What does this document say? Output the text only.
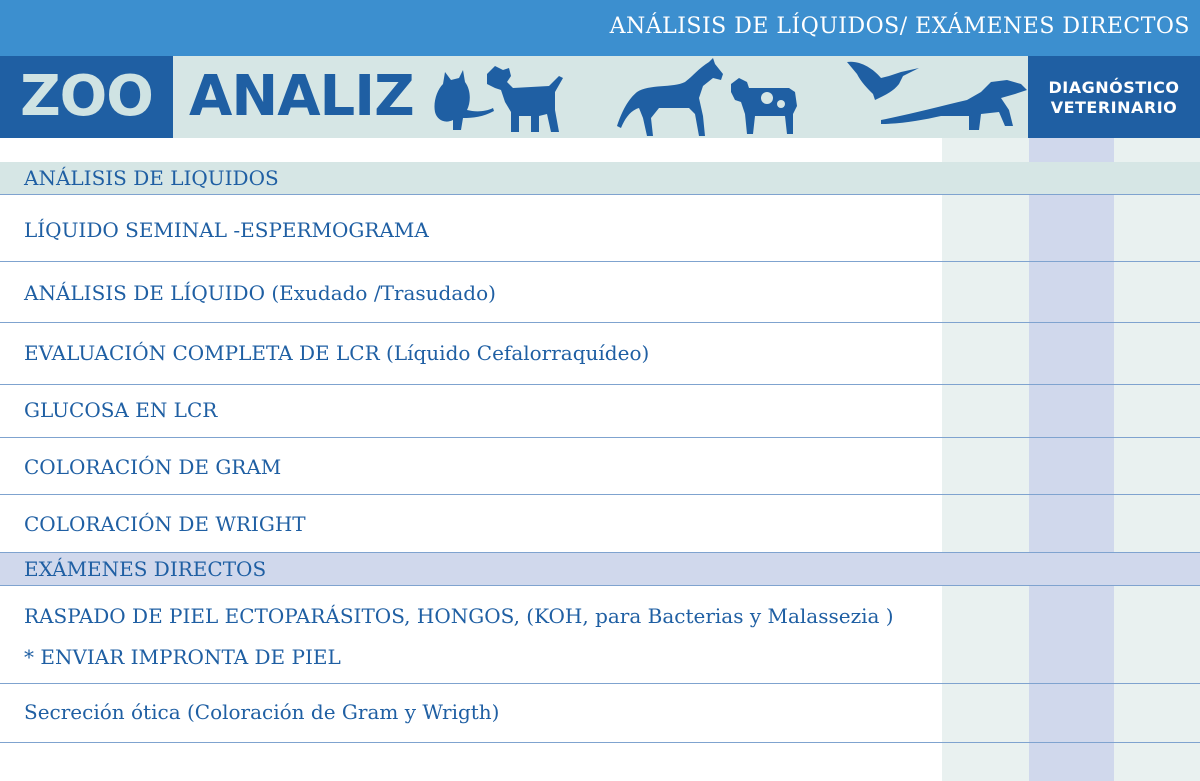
ANÁLISIS DE LÍQUIDOS/ EXÁMENES DIRECTOS
ZOO ANALIZ	DIAGNÓSTICO
VETERINARIO
ANÁLISIS DE LIQUIDOS
LÍQUIDO SEMINAL -ESPERMOGRAMA
ANÁLISIS DE LÍQUIDO (Exudado /Trasudado)
EVALUACIÓN COMPLETA DE LCR (Líquido Cefalorraquídeo)
GLUCOSA EN LCR
COLORACIÓN DE GRAM
COLORACIÓN DE WRIGHT
EXÁMENES DIRECTOS
RASPADO DE PIEL ECTOPARÁSITOS, HONGOS, (KOH, para Bacterias y Malassezia )
* ENVIAR IMPRONTA DE PIEL
Secreción ótica (Coloración de Gram y Wrigth)
